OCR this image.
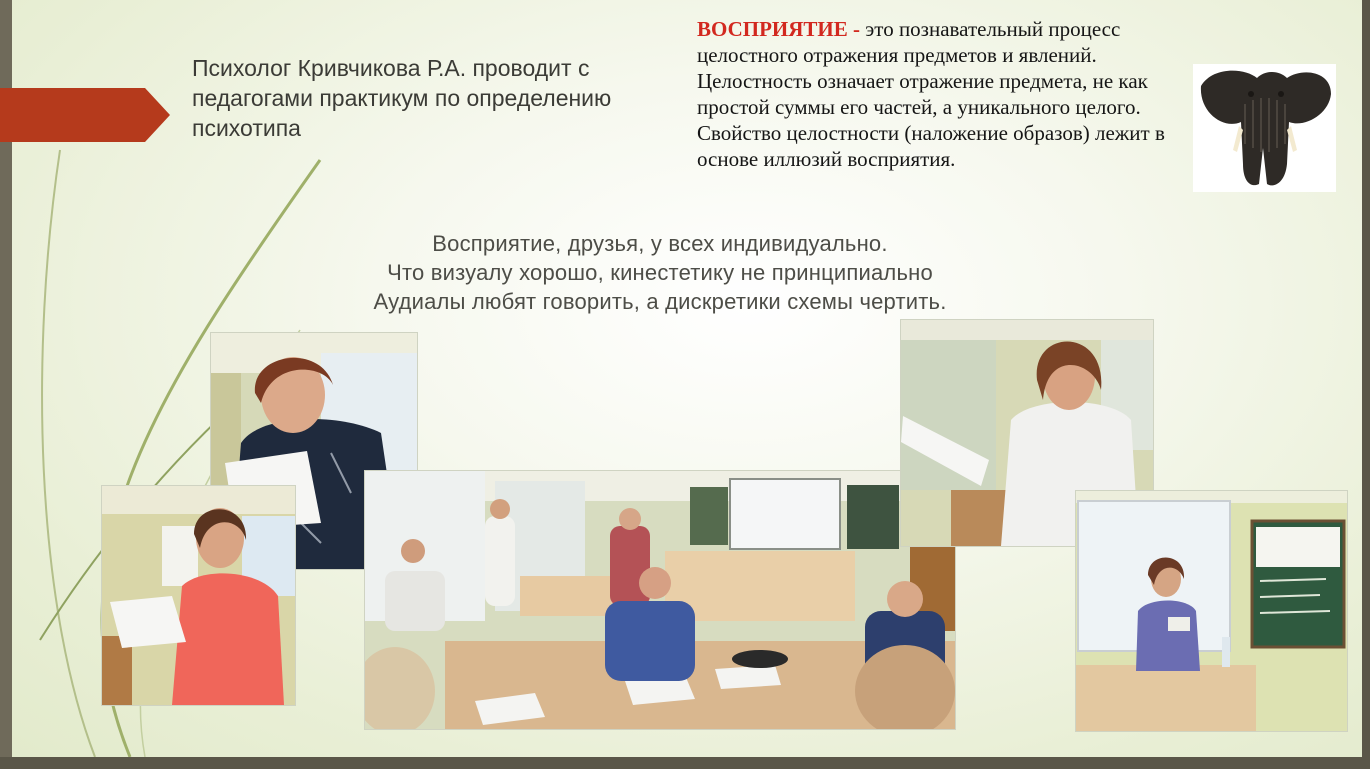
Психолог Кривчикова Р.А. проводит с педагогами практикум по определению психотипа
ВОСПРИЯТИЕ - это познавательный процесс целостного отражения предметов и явлений. Целостность означает отражение предмета, не как простой суммы его частей, а уникального целого.
Свойство целостности (наложение образов) лежит в основе иллюзий восприятия.
Восприятие, друзья, у всех индивидуально.
Что визуалу хорошо, кинестетику не принципиально
Аудиалы любят говорить, а дискретики схемы чертить.
